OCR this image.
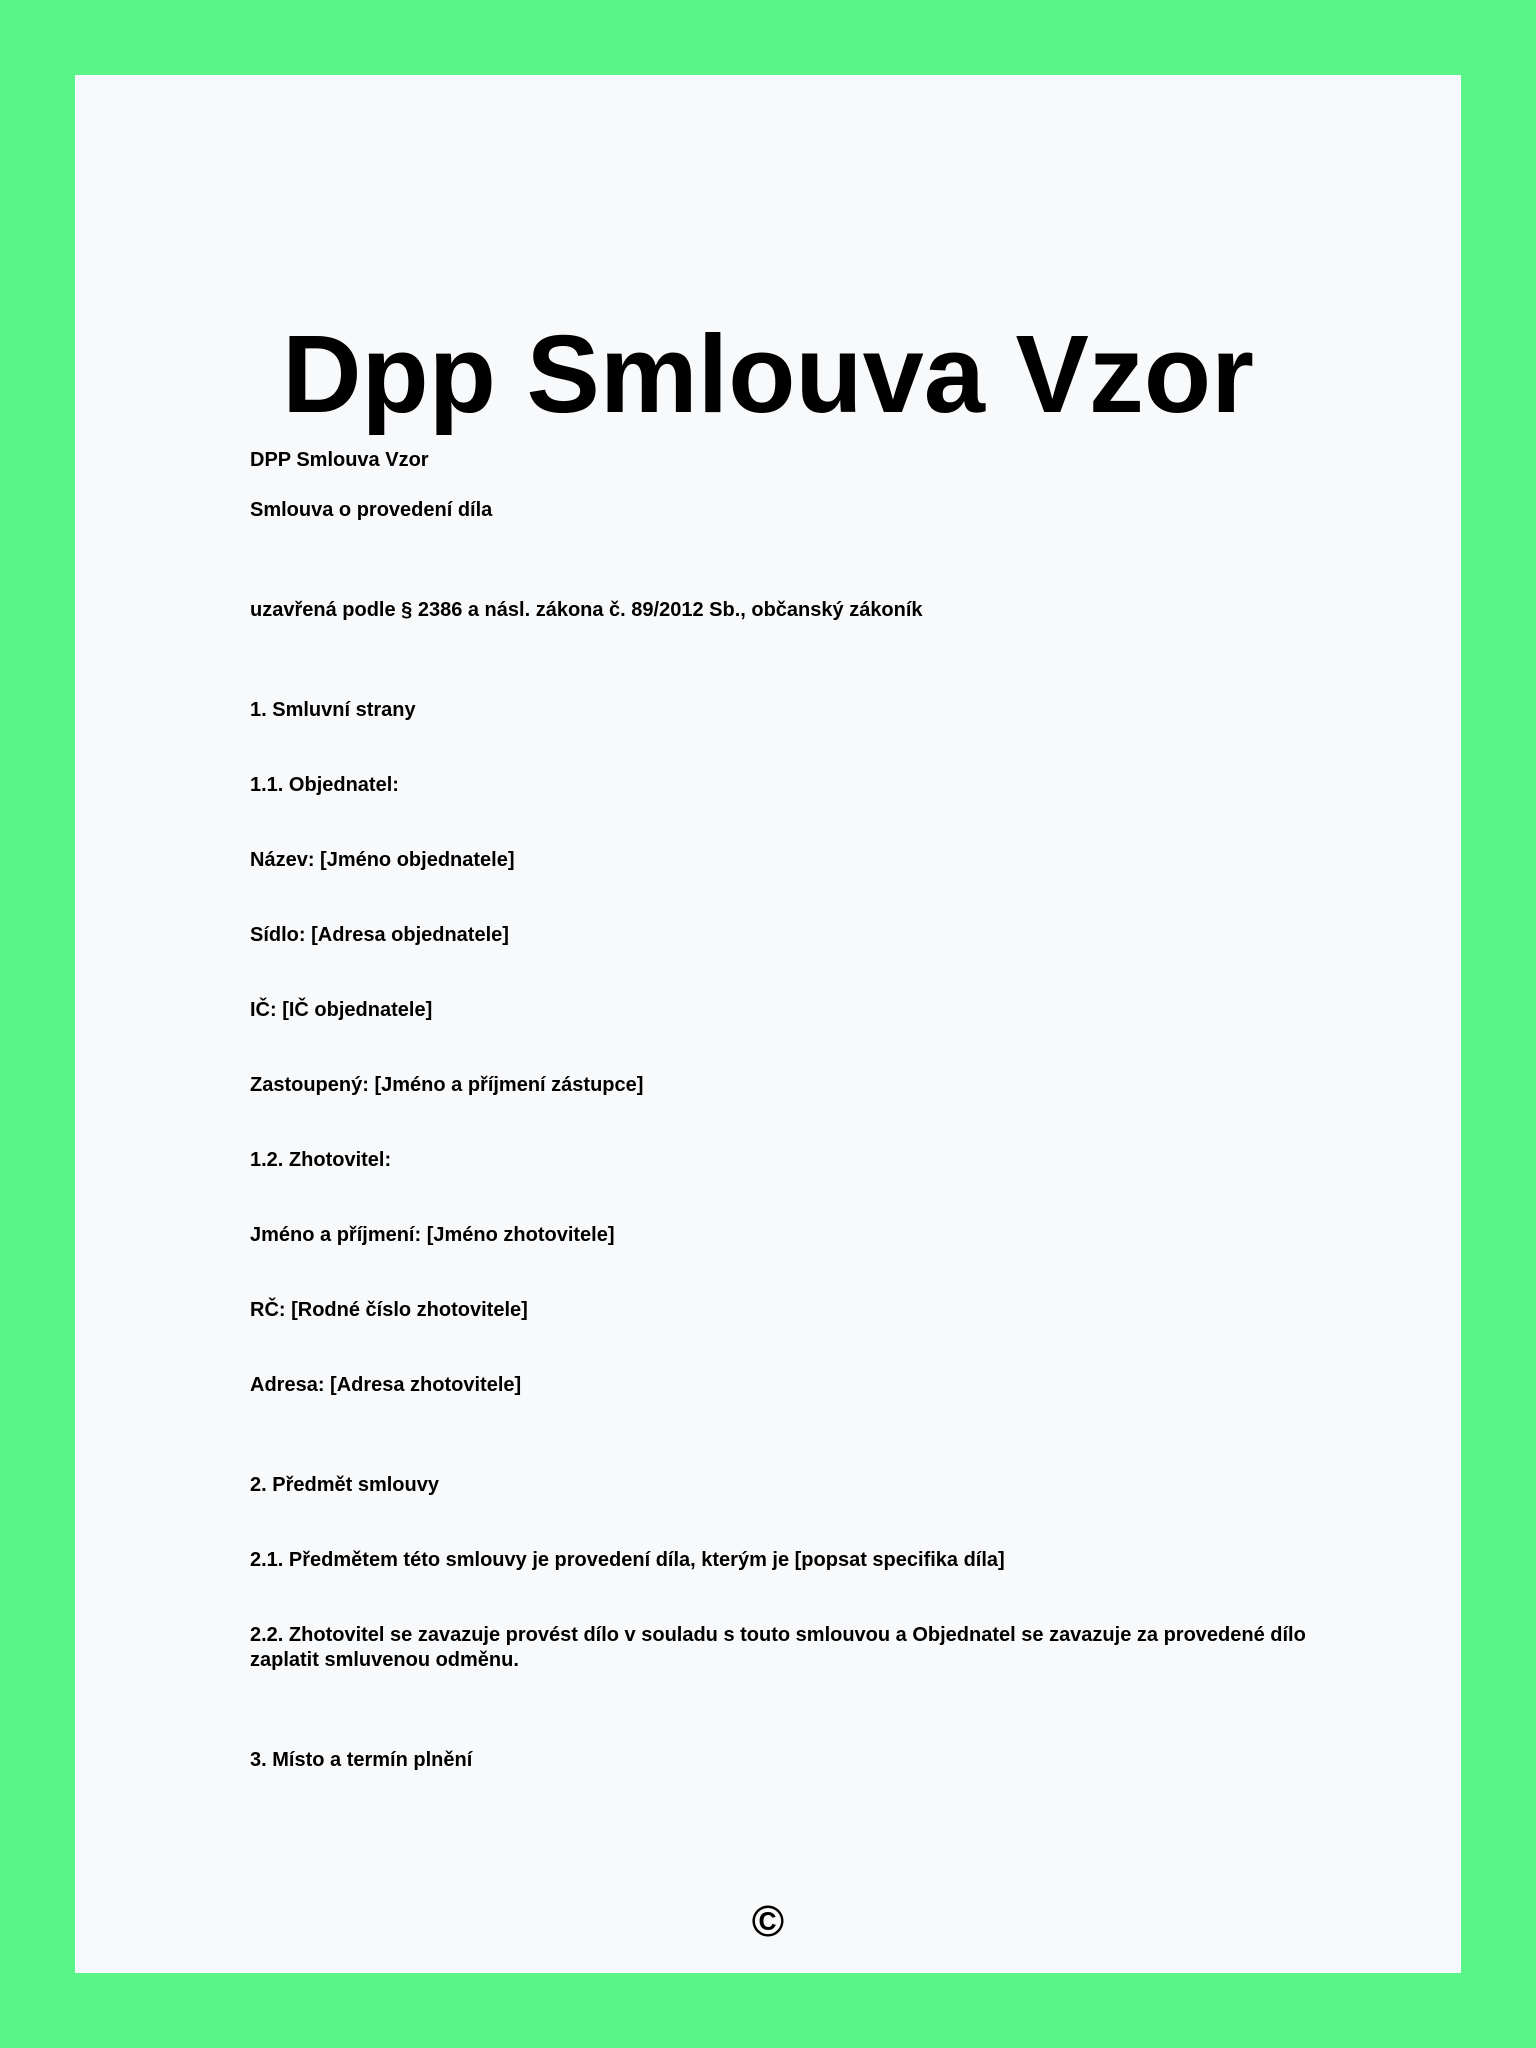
Dpp Smlouva Vzor

DPP Smlouva Vzor

Smlouva o provedení díla

uzavřená podle § 2386 a násl. zákona č. 89/2012 Sb., občanský zákoník

1. Smluvní strany

1.1. Objednatel:

Název: [Jméno objednatele]

Sídlo: [Adresa objednatele]

IČ: [IČ objednatele]

Zastoupený: [Jméno a příjmení zástupce]

1.2. Zhotovitel:

Jméno a příjmení: [Jméno zhotovitele]

RČ: [Rodné číslo zhotovitele]

Adresa: [Adresa zhotovitele]

2. Předmět smlouvy

2.1. Předmětem této smlouvy je provedení díla, kterým je [popsat specifika díla]

2.2. Zhotovitel se zavazuje provést dílo v souladu s touto smlouvou a Objednatel se zavazuje za provedené dílo zaplatit smluvenou odměnu.

3. Místo a termín plnění

©
